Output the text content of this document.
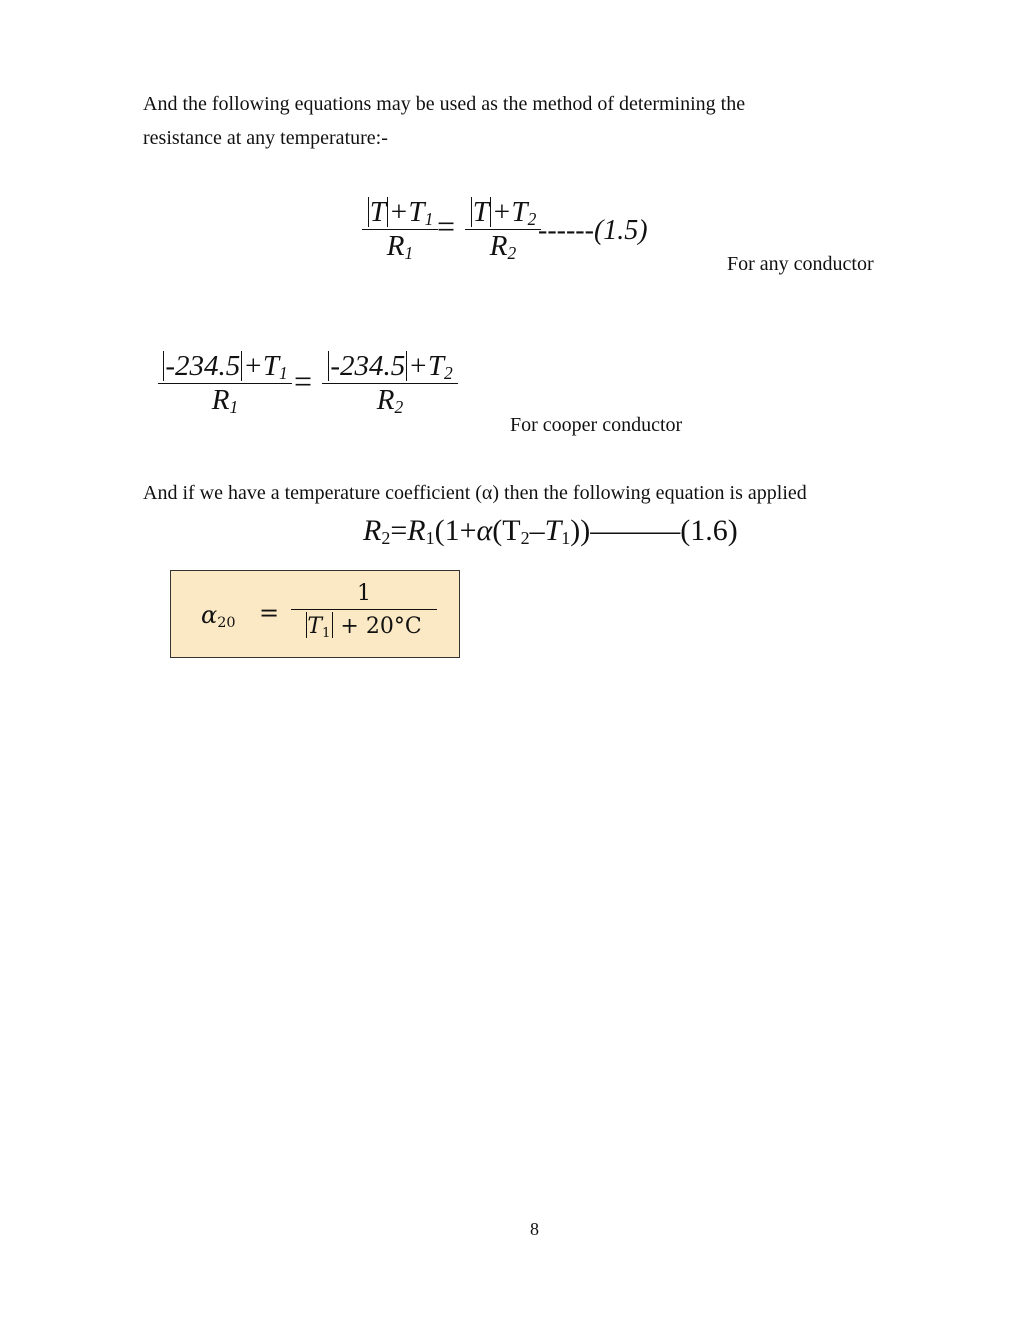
And the following equations may be used as the method of determining the
resistance at any temperature:-
$T +T_1$
$R_1$
= $T +T_2$
$R_2$
------(1.5)
For any conductor
$-234.5 +T_1$
$R_1$
= $-234.5 +T_2$
$R_2$
For cooper conductor
And if we have a temperature coefficient (α) then the following equation is applied
$R_2=R_1(1+\alpha(T_2-T_1))———(1.6)$
$\alpha_{20}$ =
1
$T_1 + 20^\circ C$
8
